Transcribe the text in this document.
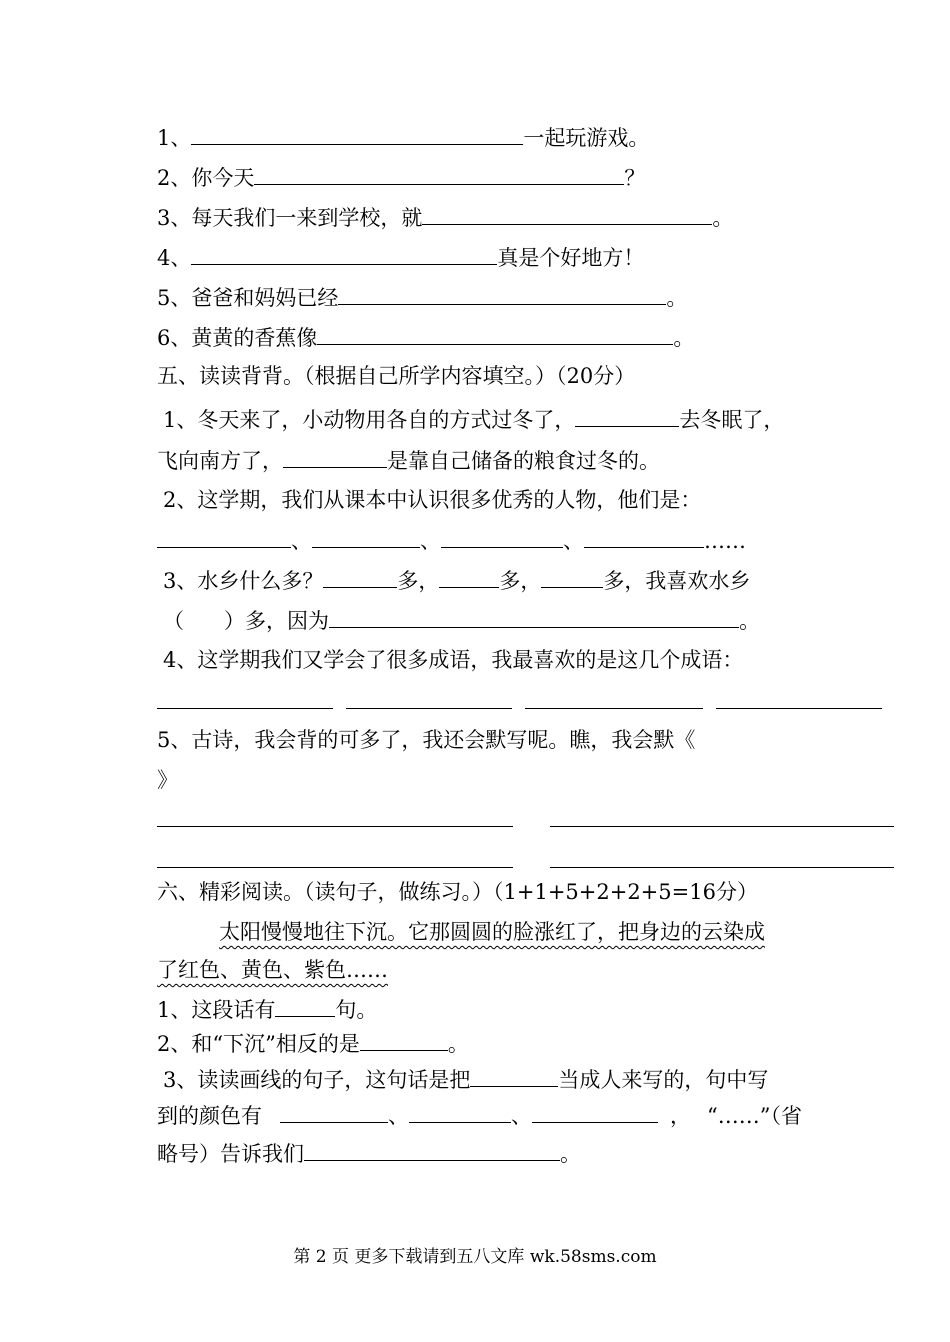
1、	一起玩游戏。
2、你今天	？
3、每天我们一来到学校，就	。
4、	真是个好地方！
5、爸爸和妈妈已经	。
6、黄黄的香蕉像	。
五、读读背背。（根据自己所学内容填空。）（20分）
1、冬天来了，小动物用各自的方式过冬了，	去冬眠了，
飞向南方了，	是靠自己储备的粮食过冬的。
2、这学期，我们从课本中认识很多优秀的人物，他们是：
、	、	、	……
3、水乡什么多？	多，	多，	多，我喜欢水乡
（      ）多，因为	。
4、这学期我们又学会了很多成语，我最喜欢的是这几个成语：
5、古诗，我会背的可多了，我还会默写呢。瞧，我会默《
》
六、精彩阅读。（读句子，做练习。）（1+1+5+2+2+5=16分）
太阳慢慢地往下沉。它那圆圆的脸涨红了，把身边的云染成
了红色、黄色、紫色……
1、这段话有	句。
2、和“下沉”相反的是	。
3、读读画线的句子，这句话是把	当成人来写的，句中写
到的颜色有	、	、	， “……”（省
略号）告诉我们	。
第 2 页 更多下载请到五八文库 wk.58sms.com
